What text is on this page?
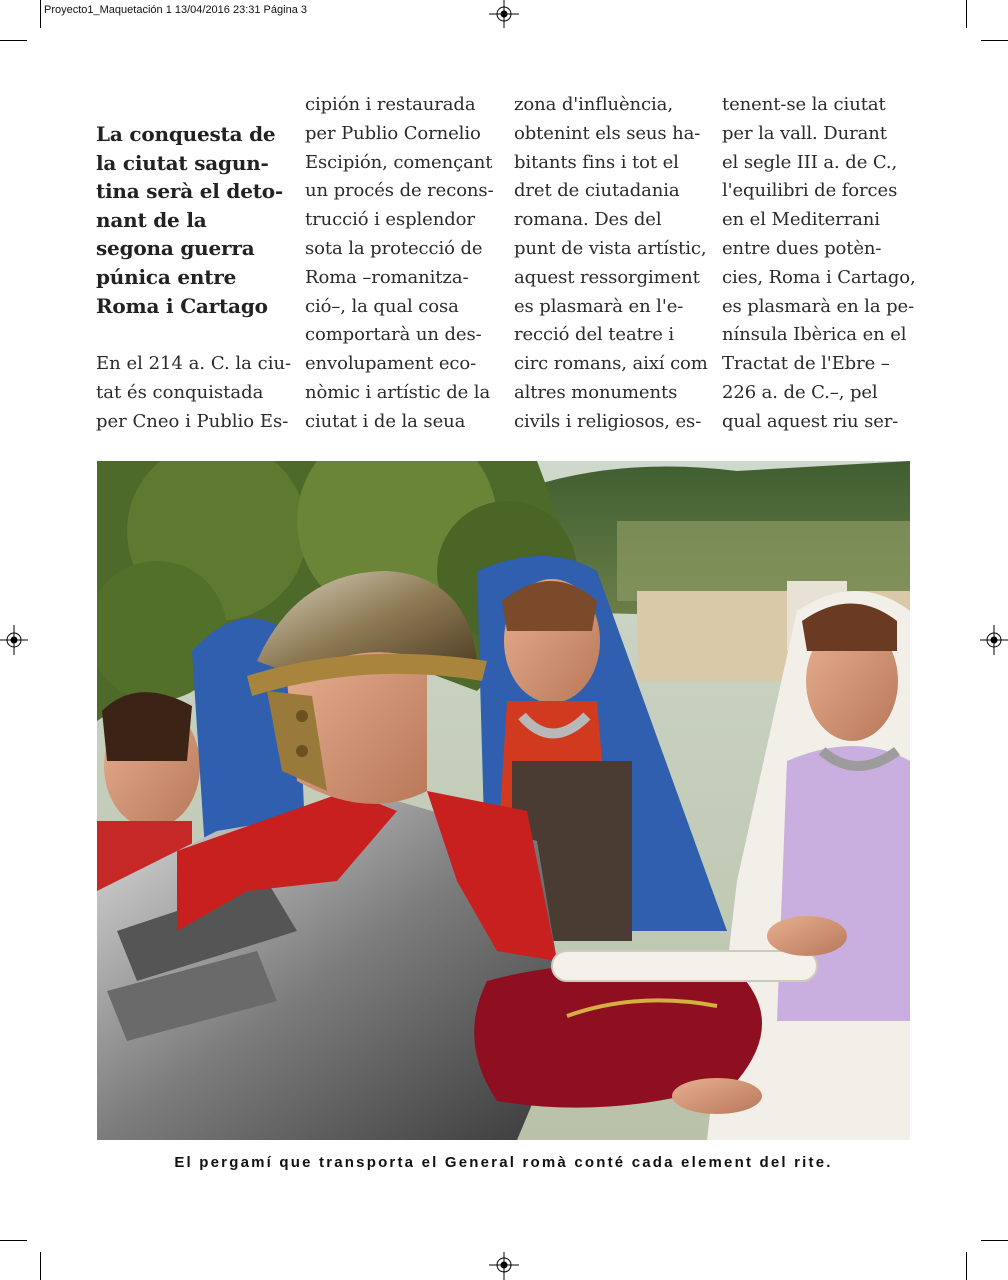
Proyecto1_Maquetación 1 13/04/2016 23:31 Página 3
La conquesta de
la ciutat sagun-
tina serà el deto-
nant de la
segona guerra
púnica entre
Roma i Cartago
En el 214 a. C. la ciu-
tat és conquistada
per Cneo i Publio Es-
cipión i restaurada
per Publio Cornelio
Escipión, començant
un procés de recons-
trucció i esplendor
sota la protecció de
Roma –romanitza-
ció–, la qual cosa
comportarà un des-
envolupament eco-
nòmic i artístic de la
ciutat i de la seua
zona d'influència,
obtenint els seus ha-
bitants fins i tot el
dret de ciutadania
romana. Des del
punt de vista artístic,
aquest ressorgiment
es plasmarà en l'e-
recció del teatre i
circ romans, així com
altres monuments
civils i religiosos, es-
tenent-se la ciutat
per la vall. Durant
el segle III a. de C.,
l'equilibri de forces
en el Mediterrani
entre dues potèn-
cies, Roma i Cartago,
es plasmarà en la pe-
nínsula Ibèrica en el
Tractat de l'Ebre –
226 a. de C.–, pel
qual aquest riu ser-
El pergamí que transporta el General romà conté cada element del rite.
